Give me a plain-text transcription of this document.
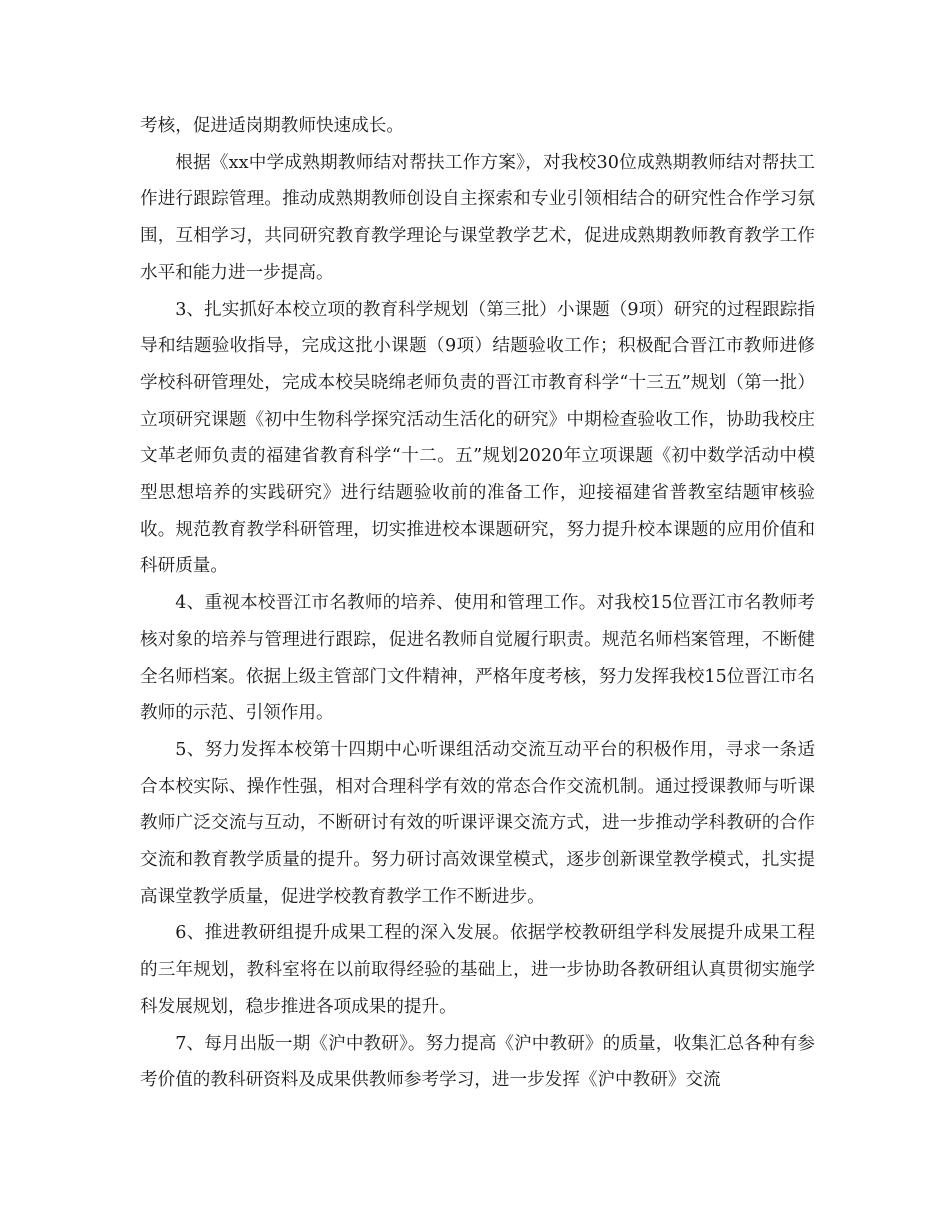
考核，促进适岗期教师快速成长。

根据《xx中学成熟期教师结对帮扶工作方案》，对我校30位成熟期教师结对帮扶工作进行跟踪管理。推动成熟期教师创设自主探索和专业引领相结合的研究性合作学习氛围，互相学习，共同研究教育教学理论与课堂教学艺术，促进成熟期教师教育教学工作水平和能力进一步提高。

3、扎实抓好本校立项的教育科学规划（第三批）小课题（9项）研究的过程跟踪指导和结题验收指导，完成这批小课题（9项）结题验收工作；积极配合晋江市教师进修学校科研管理处，完成本校吴晓绵老师负责的晋江市教育科学“十三五”规划（第一批）立项研究课题《初中生物科学探究活动生活化的研究》中期检查验收工作，协助我校庄文革老师负责的福建省教育科学“十二。五”规划2020年立项课题《初中数学活动中模型思想培养的实践研究》进行结题验收前的准备工作，迎接福建省普教室结题审核验收。规范教育教学科研管理，切实推进校本课题研究，努力提升校本课题的应用价值和科研质量。

4、重视本校晋江市名教师的培养、使用和管理工作。对我校15位晋江市名教师考核对象的培养与管理进行跟踪，促进名教师自觉履行职责。规范名师档案管理，不断健全名师档案。依据上级主管部门文件精神，严格年度考核，努力发挥我校15位晋江市名教师的示范、引领作用。

5、努力发挥本校第十四期中心听课组活动交流互动平台的积极作用，寻求一条适合本校实际、操作性强，相对合理科学有效的常态合作交流机制。通过授课教师与听课教师广泛交流与互动，不断研讨有效的听课评课交流方式，进一步推动学科教研的合作交流和教育教学质量的提升。努力研讨高效课堂模式，逐步创新课堂教学模式，扎实提高课堂教学质量，促进学校教育教学工作不断进步。

6、推进教研组提升成果工程的深入发展。依据学校教研组学科发展提升成果工程的三年规划，教科室将在以前取得经验的基础上，进一步协助各教研组认真贯彻实施学科发展规划，稳步推进各项成果的提升。

7、每月出版一期《沪中教研》。努力提高《沪中教研》的质量，收集汇总各种有参考价值的教科研资料及成果供教师参考学习，进一步发挥《沪中教研》交流
